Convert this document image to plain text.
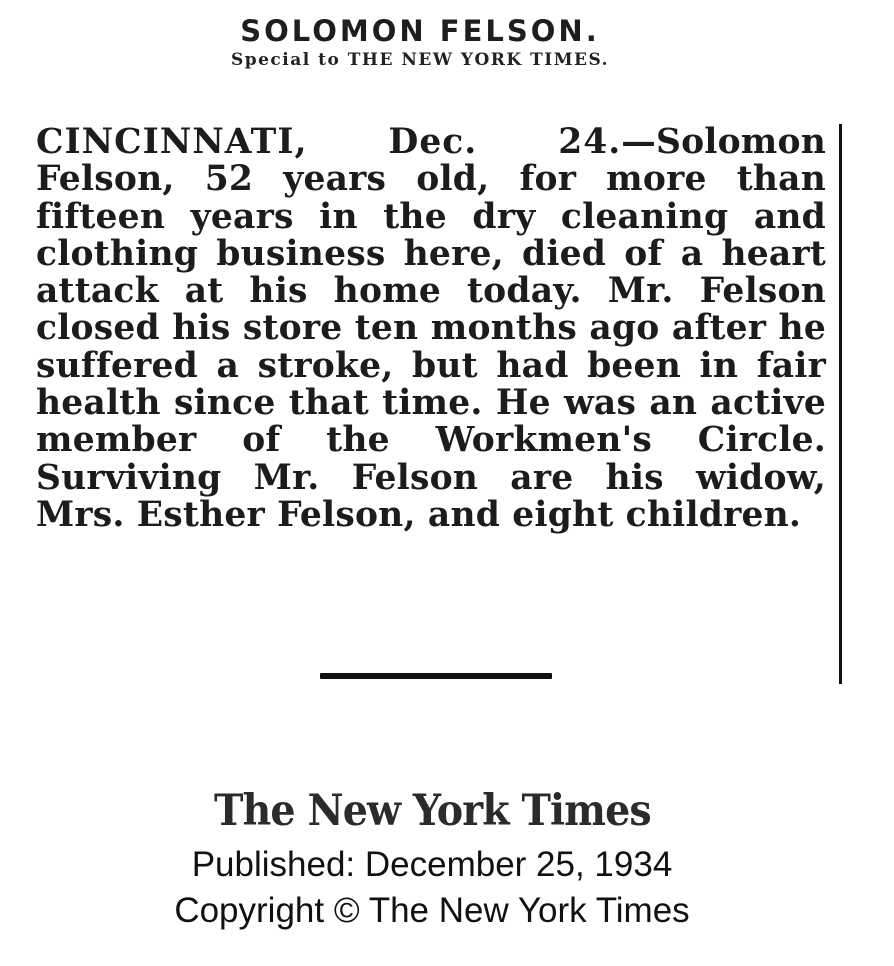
SOLOMON FELSON.
Special to THE NEW YORK TIMES.
CINCINNATI, Dec. 24.—Solomon Felson, 52 years old, for more than fifteen years in the dry cleaning and clothing business here, died of a heart attack at his home today. Mr. Felson closed his store ten months ago after he suffered a stroke, but had been in fair health since that time. He was an active member of the Workmen's Circle. Surviving Mr. Felson are his widow, Mrs. Esther Felson, and eight children.
The New York Times
Published: December 25, 1934
Copyright © The New York Times
